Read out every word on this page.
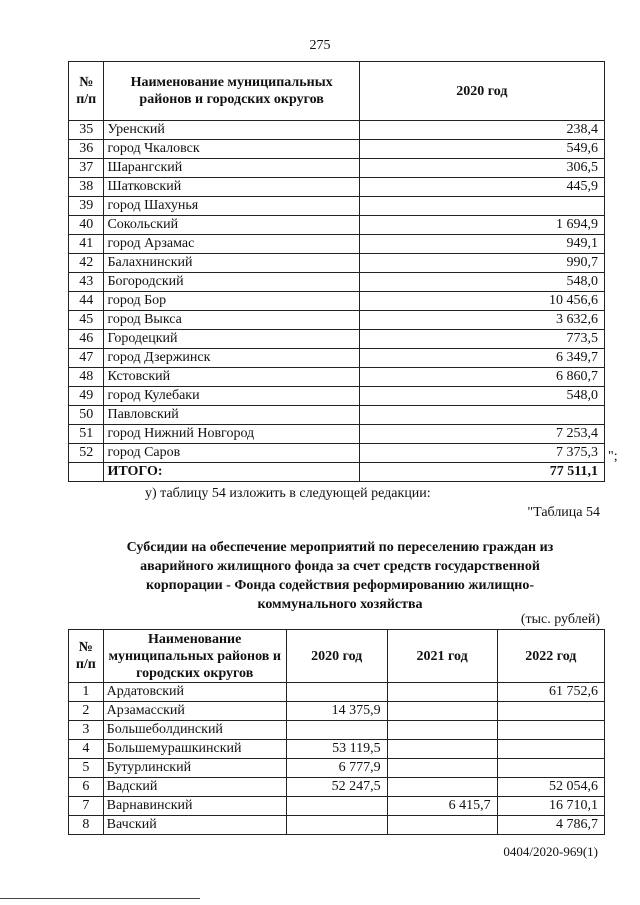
275
№ п/п	Наименование муниципальных районов и городских округов	2020 год
35	Уренский	238,4
36	город Чкаловск	549,6
37	Шарангский	306,5
38	Шатковский	445,9
39	город Шахунья	
40	Сокольский	1 694,9
41	город Арзамас	949,1
42	Балахнинский	990,7
43	Богородский	548,0
44	город Бор	10 456,6
45	город Выкса	3 632,6
46	Городецкий	773,5
47	город Дзержинск	6 349,7
48	Кстовский	6 860,7
49	город Кулебаки	548,0
50	Павловский	
51	город Нижний Новгород	7 253,4
52	город Саров	7 375,3
	ИТОГО:	77 511,1
";
у) таблицу 54 изложить в следующей редакции:
"Таблица 54
Субсидии на обеспечение мероприятий по переселению граждан из
аварийного жилищного фонда за счет средств государственной
корпорации - Фонда содействия реформированию жилищно-
коммунального хозяйства
(тыс. рублей)
№ п/п	Наименование муниципальных районов и городских округов	2020 год	2021 год	2022 год
1	Ардатовский			61 752,6
2	Арзамасский	14 375,9		
3	Большеболдинский			
4	Большемурашкинский	53 119,5		
5	Бутурлинский	6 777,9		
6	Вадский	52 247,5		52 054,6
7	Варнавинский		6 415,7	16 710,1
8	Вачский			4 786,7
0404/2020-969(1)
